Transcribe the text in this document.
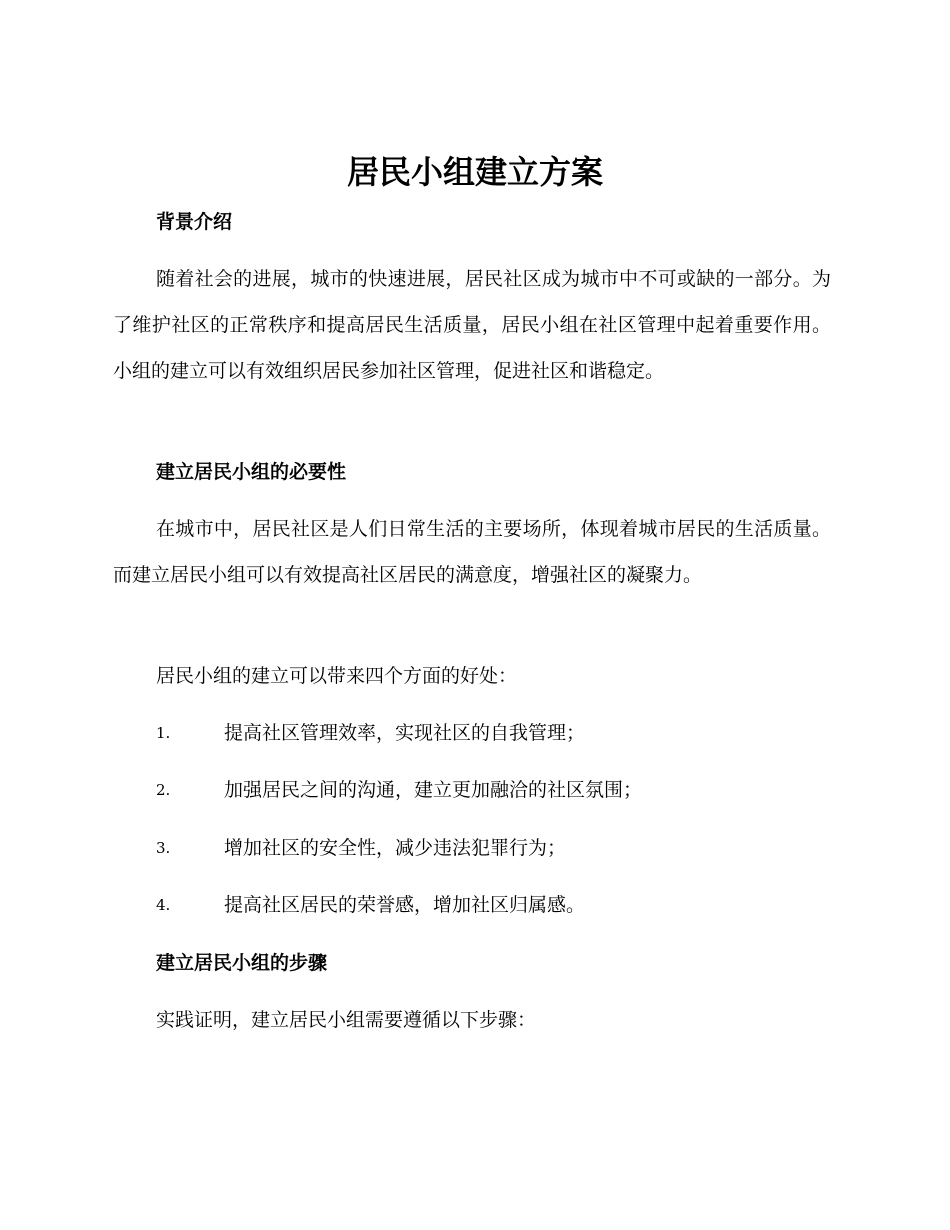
居民小组建立方案
背景介绍

随着社会的进展，城市的快速进展，居民社区成为城市中不可或缺的一部分。为了维护社区的正常秩序和提高居民生活质量，居民小组在社区管理中起着重要作用。小组的建立可以有效组织居民参加社区管理，促进社区和谐稳定。

建立居民小组的必要性

在城市中，居民社区是人们日常生活的主要场所，体现着城市居民的生活质量。而建立居民小组可以有效提高社区居民的满意度，增强社区的凝聚力。

居民小组的建立可以带来四个方面的好处：

1.	提高社区管理效率，实现社区的自我管理；
2.	加强居民之间的沟通，建立更加融洽的社区氛围；
3.	增加社区的安全性，减少违法犯罪行为；
4.	提高社区居民的荣誉感，增加社区归属感。
建立居民小组的步骤

实践证明，建立居民小组需要遵循以下步骤：
